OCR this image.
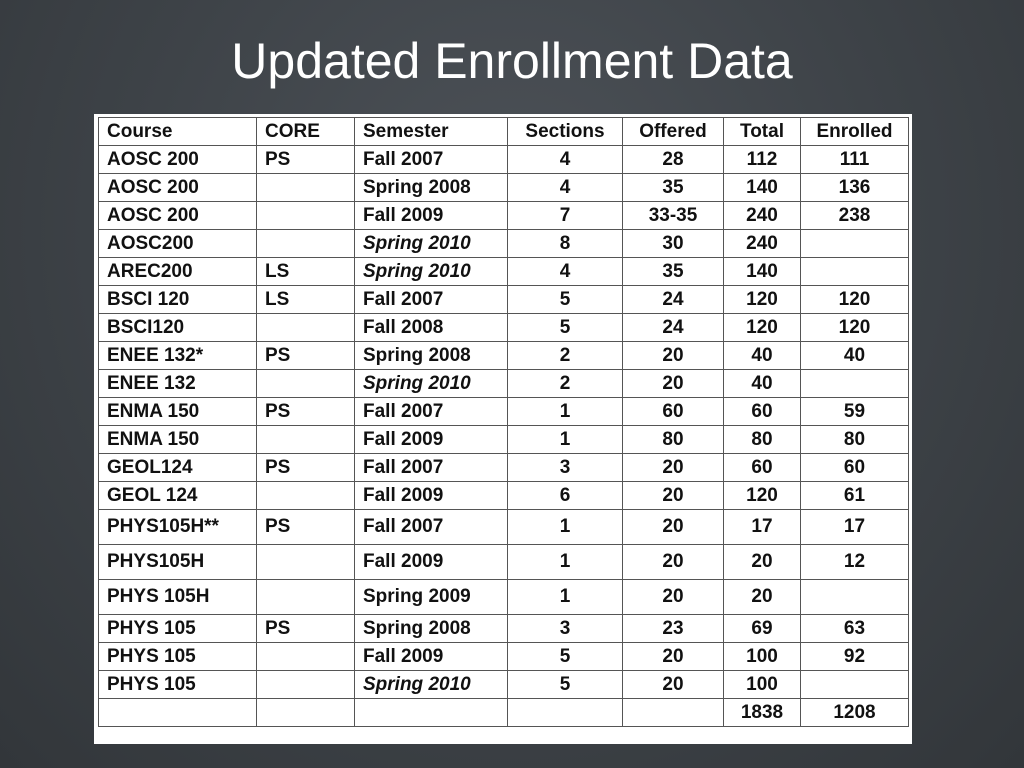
Updated Enrollment Data
Course	CORE	Semester	Sections	Offered	Total	Enrolled
AOSC 200	PS	Fall 2007	4	28	112	111
AOSC 200		Spring 2008	4	35	140	136
AOSC 200		Fall 2009	7	33-35	240	238
AOSC200		Spring 2010	8	30	240	
AREC200	LS	Spring 2010	4	35	140	
BSCI 120	LS	Fall 2007	5	24	120	120
BSCI120		Fall 2008	5	24	120	120
ENEE 132*	PS	Spring 2008	2	20	40	40
ENEE 132		Spring 2010	2	20	40	
ENMA 150	PS	Fall 2007	1	60	60	59
ENMA 150		Fall 2009	1	80	80	80
GEOL124	PS	Fall 2007	3	20	60	60
GEOL 124		Fall 2009	6	20	120	61
PHYS105H**	PS	Fall 2007	1	20	17	17
PHYS105H		Fall 2009	1	20	20	12
PHYS 105H		Spring 2009	1	20	20	
PHYS 105	PS	Spring 2008	3	23	69	63
PHYS 105		Fall 2009	5	20	100	92
PHYS 105		Spring 2010	5	20	100	
					1838	1208
